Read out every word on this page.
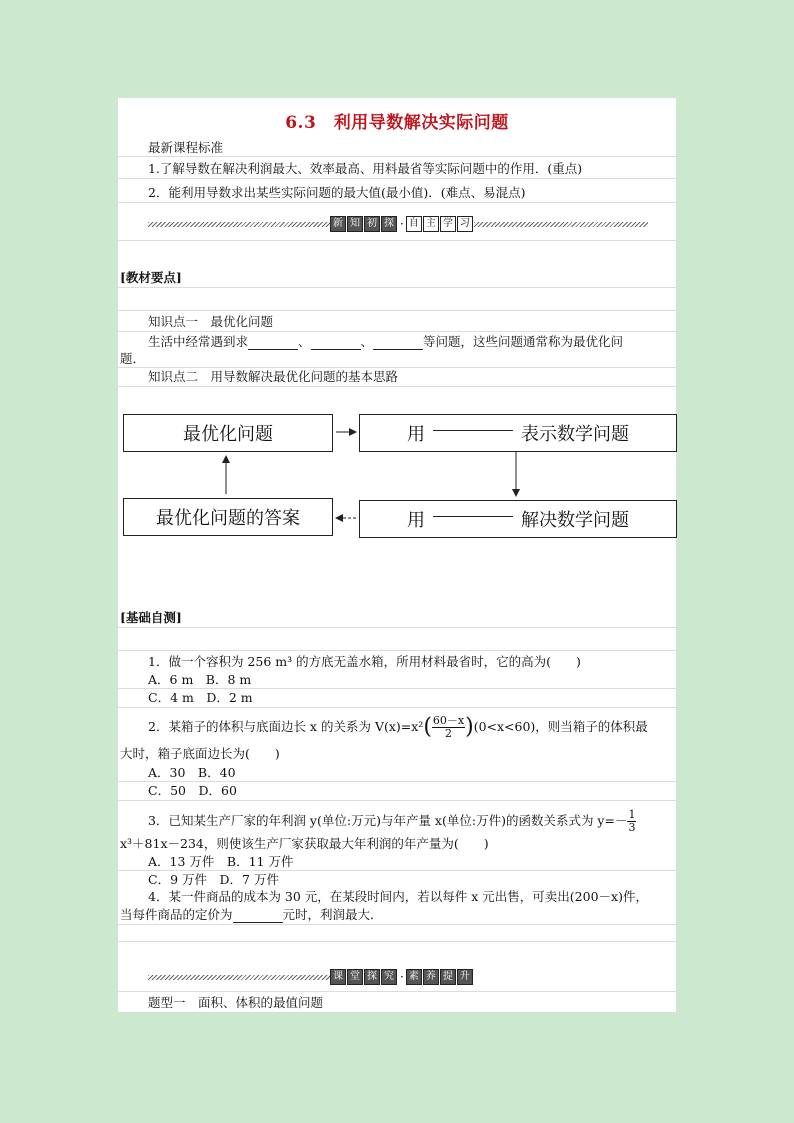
6.3　利用导数解决实际问题
最新课程标准
1.了解导数在解决利润最大、效率最高、用料最省等实际问题中的作用．(重点)
2．能利用导数求出某些实际问题的最大值(最小值)．(难点、易混点)
新 知 初 探 · 自 主 学 习
[教材要点]
知识点一　最优化问题
生活中经常遇到求	、	、	等问题，这些问题通常称为最优化问
题．
知识点二　用导数解决最优化问题的基本思路
最优化问题	用	表示数学问题
用	解决数学问题
最优化问题的答案
[基础自测]
1．做一个容积为 256 m³ 的方底无盖水箱，所用材料最省时，它的高为(　　)
A．6 m　B．8 m
C．4 m　D．2 m
2．某箱子的体积与底面边长 x 的关系为 $V(x)=x^2( \frac{60-x}{2} )(0<x<60)$，则当箱子的体积最
大时，箱子底面边长为(　　)
A．30　B．40
C．50　D．60
3．已知某生产厂家的年利润 y(单位:万元)与年产量 x(单位:万件)的函数关系式为 $y=- \frac{1}{3}$
x³＋81x－234，则使该生产厂家获取最大年利润的年产量为(　　)
A．13 万件　B．11 万件
C．9 万件　D．7 万件
4．某一件商品的成本为 30 元，在某段时间内，若以每件 x 元出售，可卖出(200－x)件，
当每件商品的定价为	元时，利润最大．
课 堂 探 究 · 素 养 提 升
题型一　面积、体积的最值问题
